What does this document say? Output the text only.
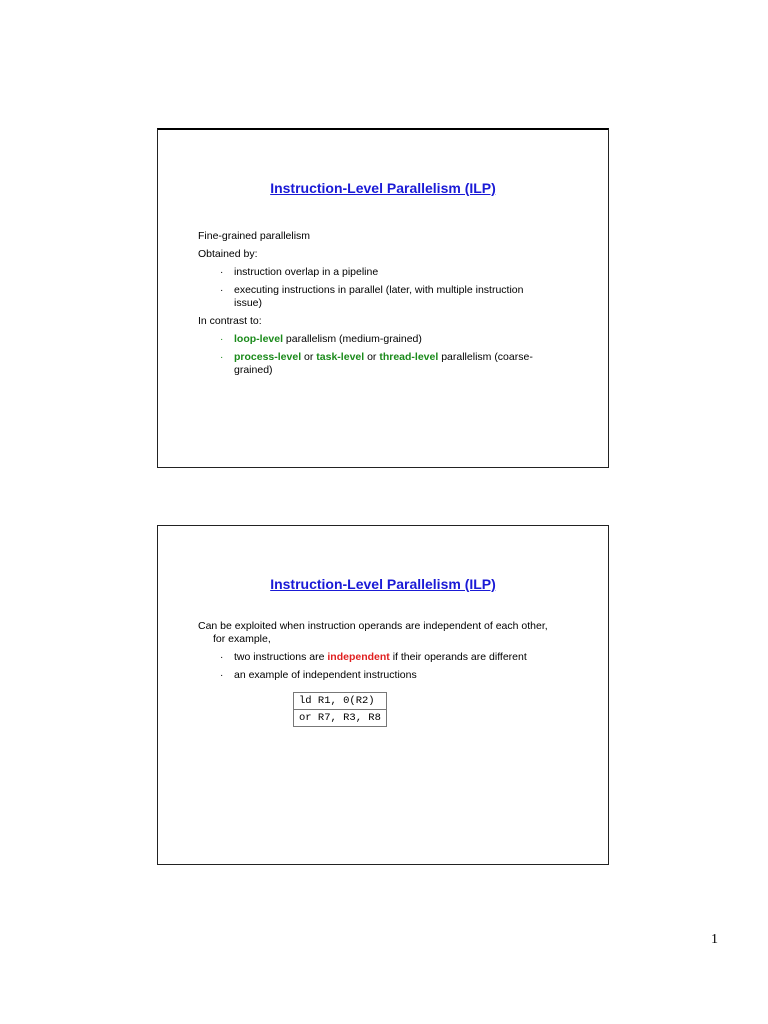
Instruction-Level Parallelism (ILP)

Fine-grained parallelism

Obtained by:

· instruction overlap in a pipeline
· executing instructions in parallel (later, with multiple instruction issue)

In contrast to:

· loop-level parallelism (medium-grained)
· process-level or task-level or thread-level parallelism (coarse-grained)
Instruction-Level Parallelism (ILP)

Can be exploited when instruction operands are independent of each other, for example,

· two instructions are independent if their operands are different
· an example of independent instructions
ld R1, 0(R2)
or R7, R3, R8
1
